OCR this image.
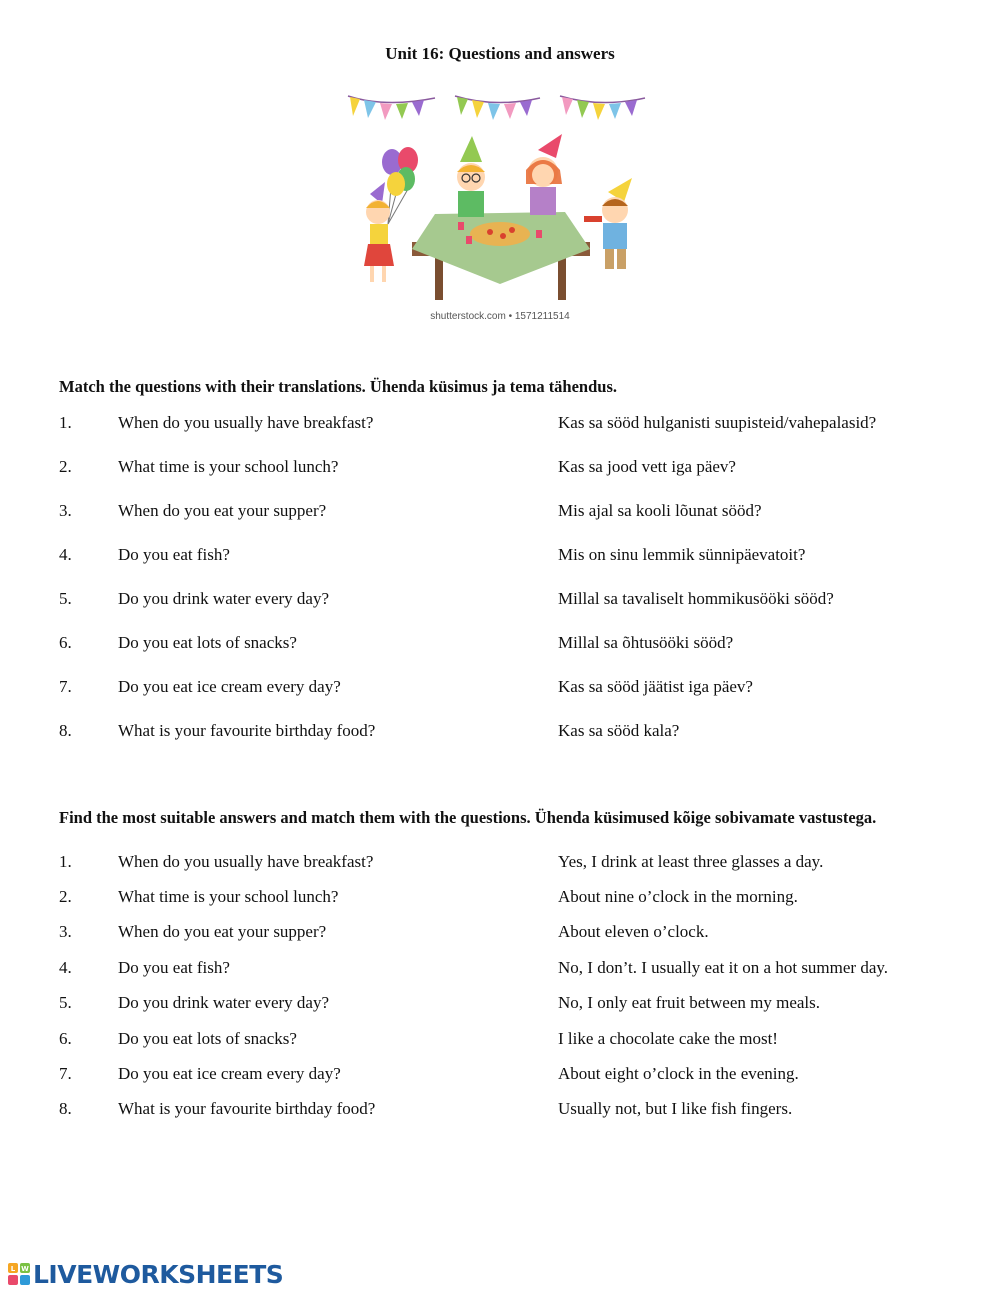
Unit 16: Questions and answers
shutterstock.com • 1571211514
Match the questions with their translations. Ühenda küsimus ja tema tähendus.
1.	When do you usually have breakfast?	Kas sa sööd hulganisti suupisteid/vahepalasid?
2.	What time is your school lunch?	Kas sa jood vett iga päev?
3.	When do you eat your supper?	Mis ajal sa kooli lõunat sööd?
4.	Do you eat fish?	Mis on sinu lemmik sünnipäevatoit?
5.	Do you drink water every day?	Millal sa tavaliselt hommikusööki sööd?
6.	Do you eat lots of snacks?	Millal sa õhtusööki sööd?
7.	Do you eat ice cream every day?	Kas sa sööd jäätist iga päev?
8.	What is your favourite birthday food?	Kas sa sööd kala?
Find the most suitable answers and match them with the questions. Ühenda küsimused kõige sobivamate vastustega.
1.	When do you usually have breakfast?	Yes, I drink at least three glasses a day.
2.	What time is your school lunch?	About nine o’clock in the morning.
3.	When do you eat your supper?	About eleven o’clock.
4.	Do you eat fish?	No, I don’t. I usually eat it on a hot summer day.
5.	Do you drink water every day?	No, I only eat fruit between my meals.
6.	Do you eat lots of snacks?	I like a chocolate cake the most!
7.	Do you eat ice cream every day?	About eight o’clock in the evening.
8.	What is your favourite birthday food?	Usually not, but I like fish fingers.
L W LIVEWORKSHEETS
